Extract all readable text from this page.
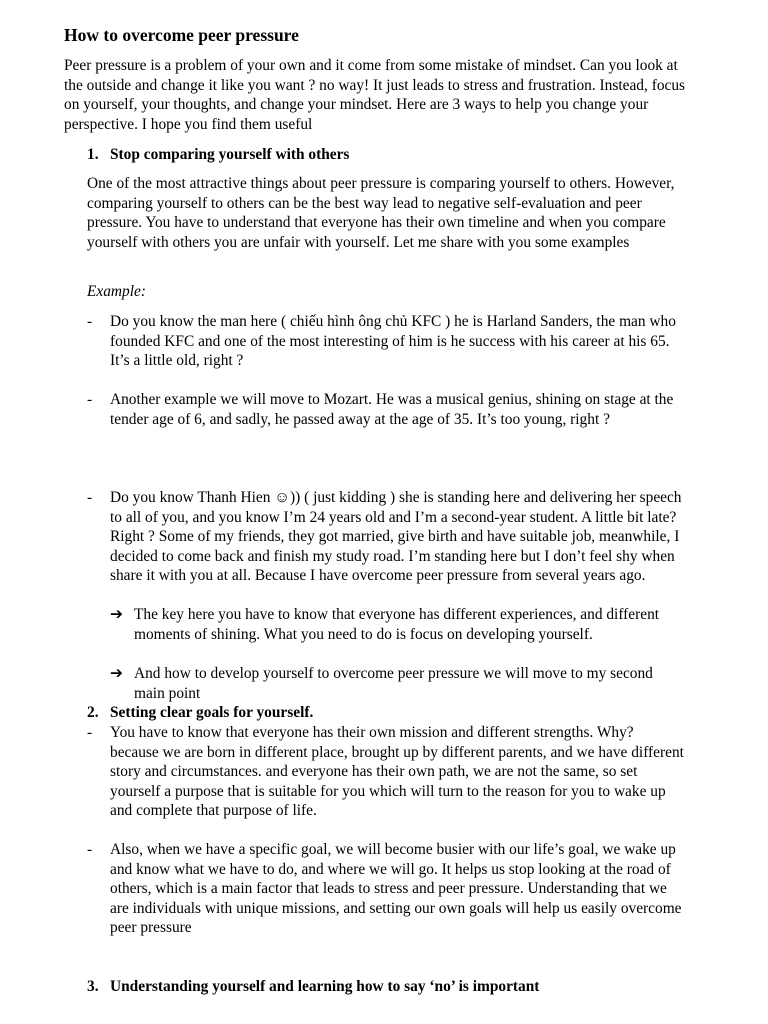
How to overcome peer pressure
Peer pressure is a problem of your own and it come from some mistake of mindset. Can you look at the outside and change it like you want ? no way! It just leads to stress and frustration. Instead, focus on yourself, your thoughts, and change your mindset. Here are 3 ways to help you change your perspective. I hope you find them useful
1. Stop comparing yourself with others
One of the most attractive things about peer pressure is comparing yourself to others. However, comparing yourself to others can be the best way lead to negative self-evaluation and peer pressure. You have to understand that everyone has their own timeline and when you compare yourself with others you are unfair with yourself. Let me share with you some examples
Example:
-	Do you know the man here ( chiếu hình ông chủ KFC ) he is Harland Sanders, the man who founded KFC and one of the most interesting of him is he success with his career at his 65. It’s a little old, right ?
-	Another example we will move to Mozart. He was a musical genius, shining on stage at the tender age of 6, and sadly, he passed away at the age of 35. It’s too young, right ?
-	Do you know Thanh Hien ☺)) ( just kidding ) she is standing here and delivering her speech to all of you, and you know I’m 24 years old and I’m a second-year student. A little bit late? Right ? Some of my friends, they got married, give birth and have suitable job, meanwhile, I decided to come back and finish my study road. I’m standing here but I don’t feel shy when share it with you at all. Because I have overcome peer pressure from several years ago.
➔ The key here you have to know that everyone has different experiences, and different moments of shining. What you need to do is focus on developing yourself.
➔ And how to develop yourself to overcome peer pressure we will move to my second main point
2. Setting clear goals for yourself.
-	You have to know that everyone has their own mission and different strengths. Why? because we are born in different place, brought up by different parents, and we have different story and circumstances. and everyone has their own path, we are not the same, so set yourself a purpose that is suitable for you which will turn to the reason for you to wake up and complete that purpose of life.
-	Also, when we have a specific goal, we will become busier with our life’s goal, we wake up and know what we have to do, and where we will go. It helps us stop looking at the road of others, which is a main factor that leads to stress and peer pressure. Understanding that we are individuals with unique missions, and setting our own goals will help us easily overcome peer pressure
3. Understanding yourself and learning how to say ‘no’ is important
